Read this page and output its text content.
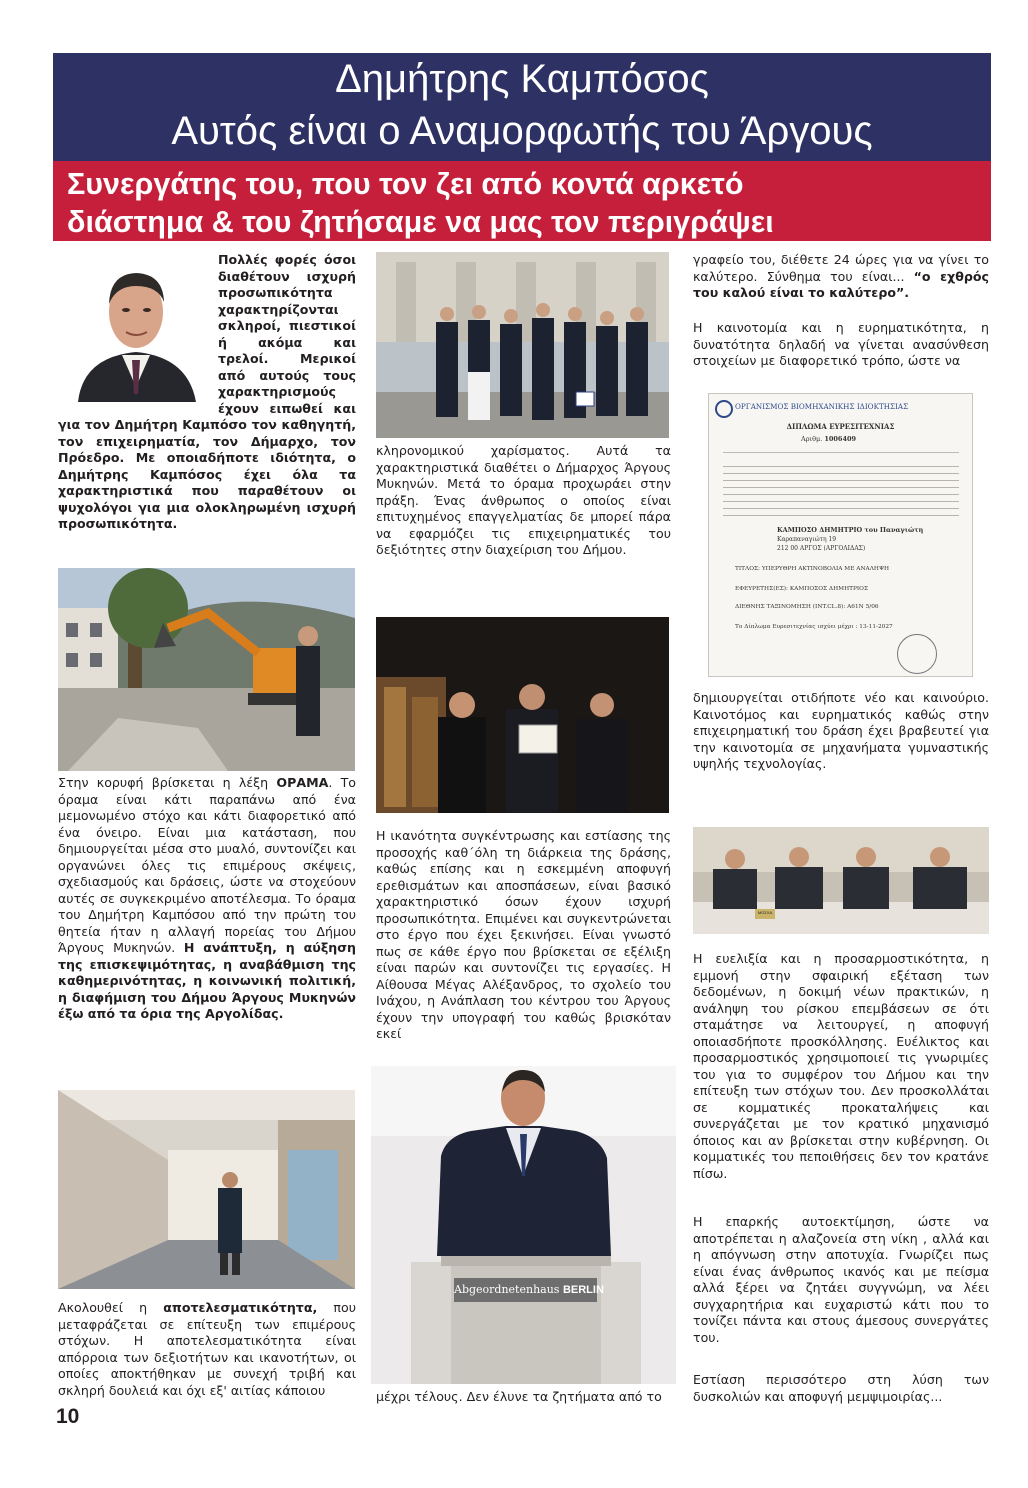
Δημήτρης Καμπόσος
Αυτός είναι ο Αναμορφωτής του Άργους
Συνεργάτης του, που τον ζει από κοντά αρκετό
διάστημα & του ζητήσαμε να μας τον περιγράψει
Πολλές φορές όσοι διαθέτουν ισχυρή προσωπικότητα χαρακτηρίζονται σκληροί, πιεστικοί ή ακόμα και τρελοί. Μερικοί από αυτούς τους χαρακτηρισμούς έχουν ειπωθεί και για τον Δημήτρη Καμπόσο τον καθηγητή, τον επιχειρηματία, τον Δήμαρχο, τον Πρόεδρο. Με οποιαδήποτε ιδιότητα, ο Δημήτρης Καμπόσος έχει όλα τα χαρακτηριστικά που παραθέτουν οι ψυχολόγοι για μια ολοκληρωμένη ισχυρή προσωπικότητα.
Στην κορυφή βρίσκεται η λέξη ΟΡΑΜΑ. Το όραμα είναι κάτι παραπάνω από ένα μεμονωμένο στόχο και κάτι διαφορετικό από ένα όνειρο. Είναι μια κατάσταση, που δημιουργείται μέσα στο μυαλό, συντονίζει και οργανώνει όλες τις επιμέρους σκέψεις, σχεδιασμούς και δράσεις, ώστε να στοχεύουν αυτές σε συγκεκριμένο αποτέλεσμα. Το όραμα του Δημήτρη Καμπόσου από την πρώτη του θητεία ήταν η αλλαγή πορείας του Δήμου Άργους Μυκηνών. Η ανάπτυξη, η αύξηση της επισκεψιμότητας, η αναβάθμιση της καθημερινότητας, η κοινωνική πολιτική, η διαφήμιση του Δήμου Άργους Μυκηνών έξω από τα όρια της Αργολίδας.
Ακολουθεί η αποτελεσματικότητα, που μεταφράζεται σε επίτευξη των επιμέρους στόχων. Η αποτελεσματικότητα είναι απόρροια των δεξιοτήτων και ικανοτήτων, οι οποίες αποκτήθηκαν με συνεχή τριβή και σκληρή δουλειά και όχι εξ' αιτίας κάποιου
κληρονομικού χαρίσματος. Αυτά τα χαρακτηριστικά διαθέτει ο Δήμαρχος Άργους Μυκηνών. Μετά το όραμα προχωράει στην πράξη. Ένας άνθρωπος ο οποίος είναι επιτυχημένος επαγγελματίας δε μπορεί πάρα να εφαρμόζει τις επιχειρηματικές του δεξιότητες στην διαχείριση του Δήμου.
Η ικανότητα συγκέντρωσης και εστίασης της προσοχής καθ΄όλη τη διάρκεια της δράσης, καθώς επίσης και η εσκεμμένη αποφυγή ερεθισμάτων και αποσπάσεων, είναι βασικό χαρακτηριστικό όσων έχουν ισχυρή προσωπικότητα. Επιμένει και συγκεντρώνεται στο έργο που έχει ξεκινήσει. Είναι γνωστό πως σε κάθε έργο που βρίσκεται σε εξέλιξη είναι παρών και συντονίζει τις εργασίες. Η Αίθουσα Μέγας Αλέξανδρος, το σχολείο του Ινάχου, η Ανάπλαση του κέντρου του Άργους έχουν την υπογραφή του καθώς βρισκόταν εκεί
Abgeordnetenhaus BERLIN
μέχρι τέλους. Δεν έλυνε τα ζητήματα από το
γραφείο του, διέθετε 24 ώρες για να γίνει το καλύτερο. Σύνθημα του είναι... “ο εχθρός του καλού είναι το καλύτερο”.
Η καινοτομία και η ευρηματικότητα, η δυνατότητα δηλαδή να γίνεται ανασύνθεση στοιχείων με διαφορετικό τρόπο, ώστε να
ΟΡΓΑΝΙΣΜΟΣ ΒΙΟΜΗΧΑΝΙΚΗΣ ΙΔΙΟΚΤΗΣΙΑΣ
ΔΙΠΛΩΜΑ ΕΥΡΕΣΙΤΕΧΝΙΑΣ
Αριθμ. 1006409
ΚΑΜΠΟΣΟ ΔΗΜΗΤΡΙΟ του Παναγιώτη
Καραπαναγιώτη 19
212 00 ΑΡΓΟΣ (ΑΡΓΟΛΙΔΑΣ)
ΤΙΤΛΟΣ: ΥΠΕΡΥΘΡΗ ΑΚΤΙΝΟΒΟΛΙΑ ΜΕ ΑΝΑΛΗΨΗ
ΕΦΕΥΡΕΤΗΣ(ΕΣ): ΚΑΜΠΟΣΟΣ ΔΗΜΗΤΡΙΟΣ
ΔΙΕΘΝΗΣ ΤΑΞΙΝΟΜΗΣΗ (INT.CL.8): A61N 5/06
Το Δίπλωμα Ευρεσιτεχνίας ισχύει μέχρι : 13-11-2027
δημιουργείται οτιδήποτε νέο και καινούριο. Καινοτόμος και ευρηματικός καθώς στην επιχειρηματική του δράση έχει βραβευτεί για την καινοτομία σε μηχανήματα γυμναστικής υψηλής τεχνολογίας.
ΜΟΣΧΑ
Η ευελιξία και η προσαρμοστικότητα, η εμμονή στην σφαιρική εξέταση των δεδομένων, η δοκιμή νέων πρακτικών, η ανάληψη του ρίσκου επεμβάσεων σε ότι σταμάτησε να λειτουργεί, η αποφυγή οποιασδήποτε προσκόλλησης. Ευέλικτος και προσαρμοστικός χρησιμοποιεί τις γνωριμίες του για το συμφέρον του Δήμου και την επίτευξη των στόχων του. Δεν προσκολλάται σε κομματικές προκαταλήψεις και συνεργάζεται με τον κρατικό μηχανισμό όποιος και αν βρίσκεται στην κυβέρνηση. Οι κομματικές του πεποιθήσεις δεν τον κρατάνε πίσω.
Η επαρκής αυτοεκτίμηση, ώστε να αποτρέπεται η αλαζονεία στη νίκη , αλλά και η απόγνωση στην αποτυχία. Γνωρίζει πως είναι ένας άνθρωπος ικανός και με πείσμα αλλά ξέρει να ζητάει συγγνώμη, να λέει συγχαρητήρια και ευχαριστώ κάτι που το τονίζει πάντα και στους άμεσους συνεργάτες του.
Εστίαση περισσότερο στη λύση των δυσκολιών και αποφυγή μεμψιμοιρίας...
10
